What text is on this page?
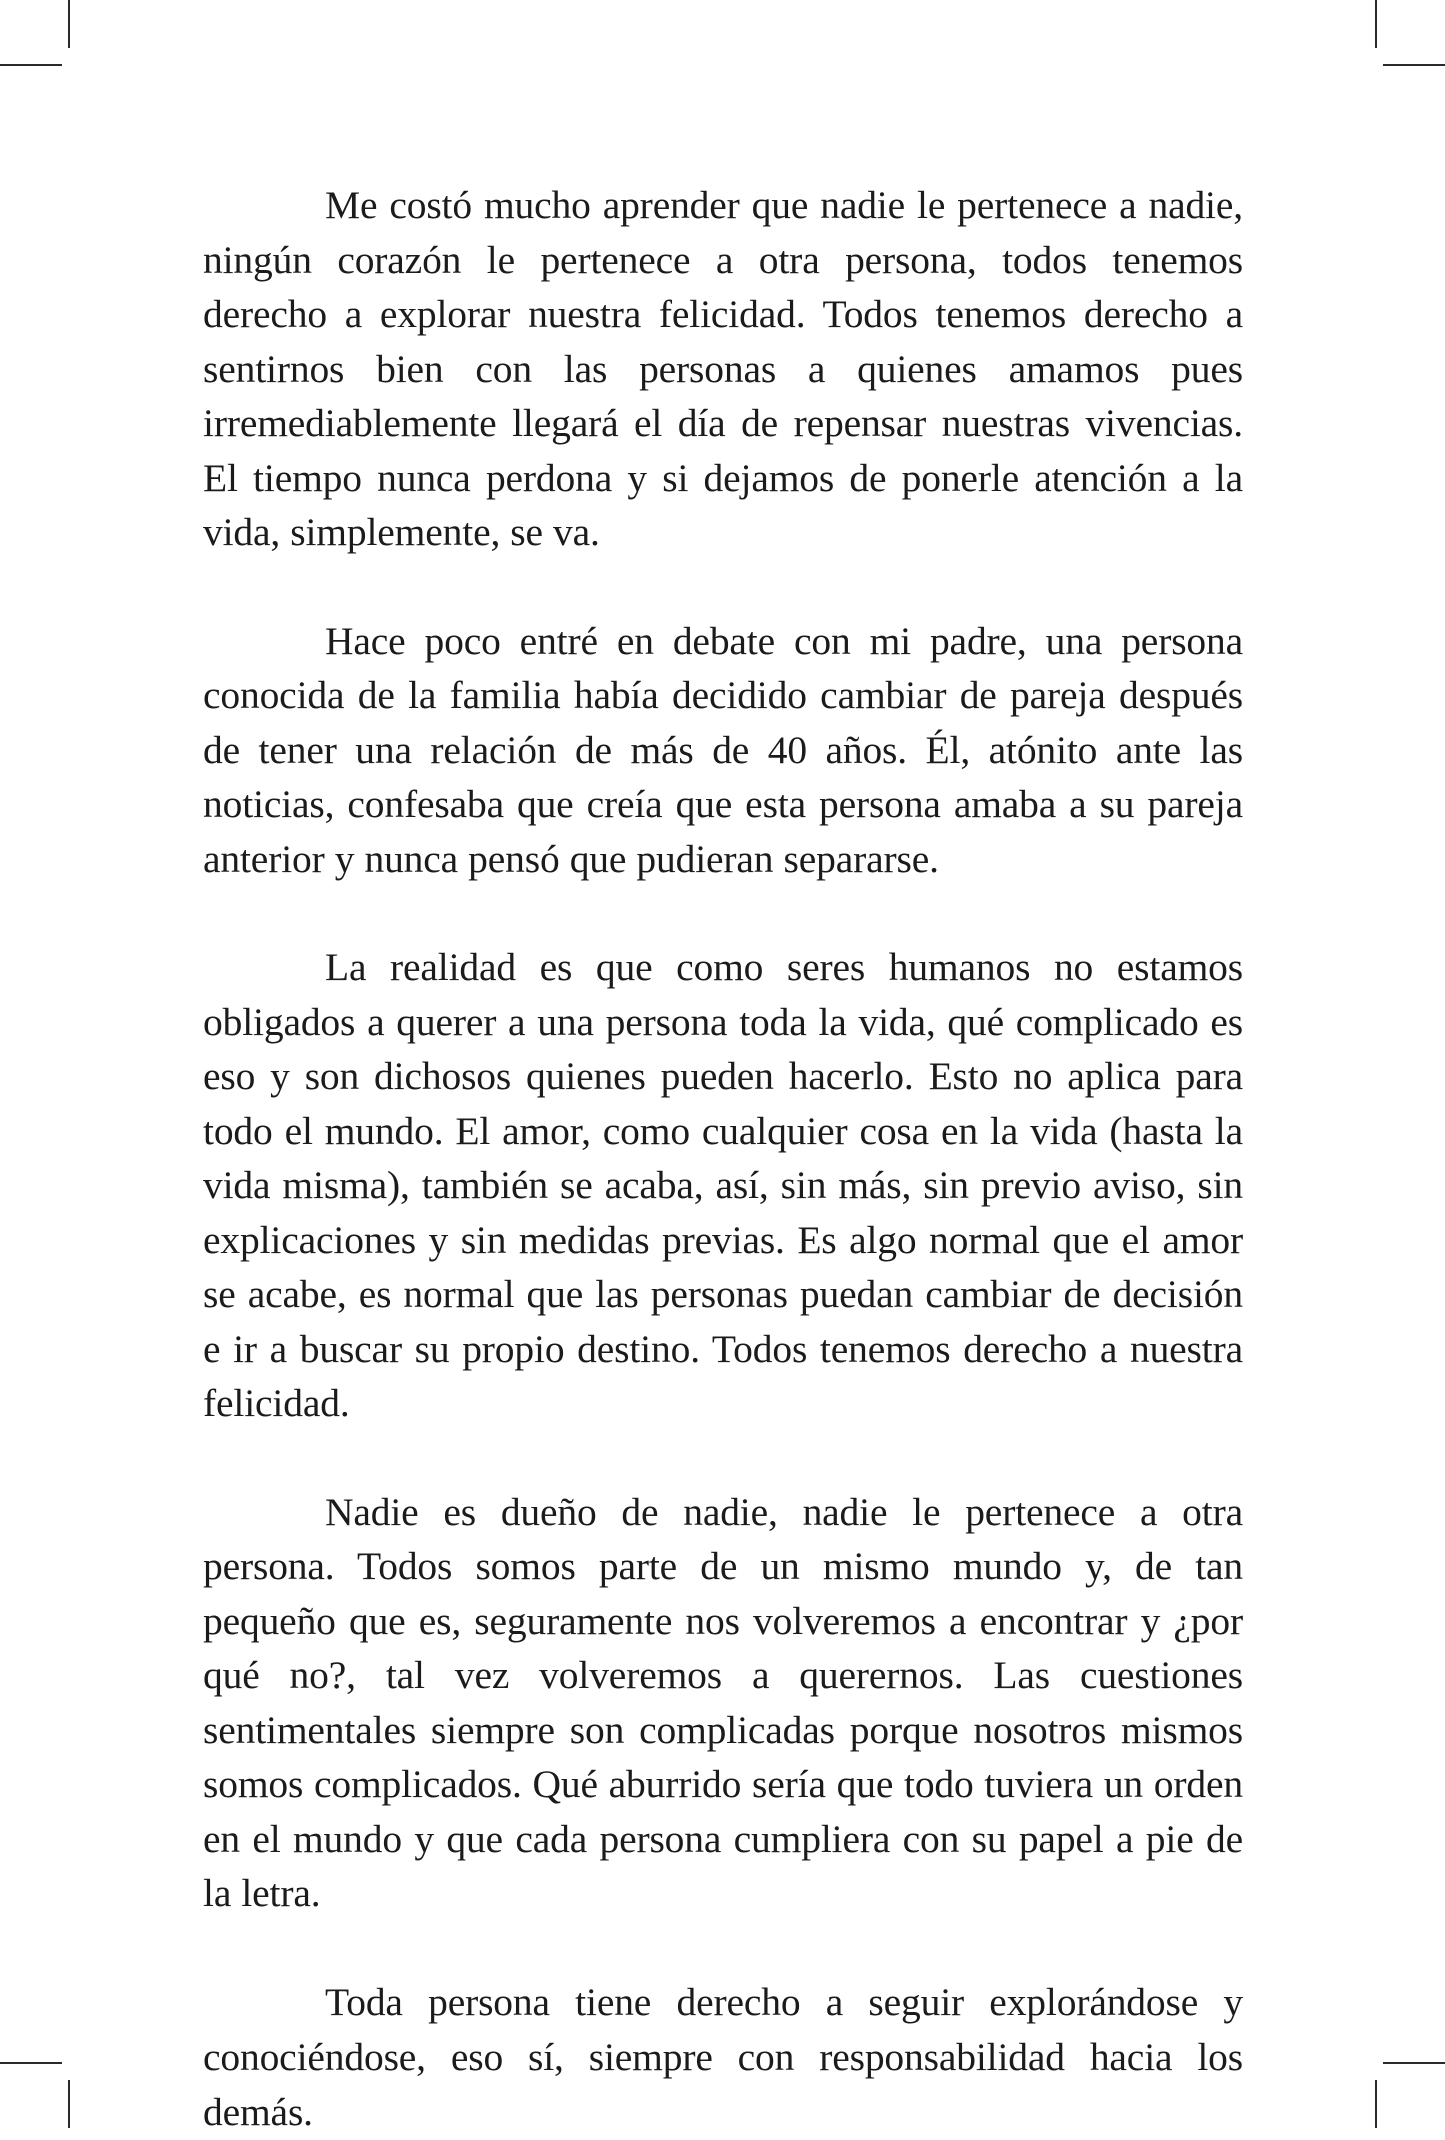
Me costó mucho aprender que nadie le pertenece a nadie, ningún corazón le pertenece a otra persona, todos tenemos derecho a explorar nuestra felicidad. Todos tenemos derecho a sentirnos bien con las personas a quienes amamos pues irremediablemente llegará el día de repensar nuestras vivencias. El tiempo nunca perdona y si dejamos de ponerle atención a la vida, simplemente, se va.

Hace poco entré en debate con mi padre, una persona conocida de la familia había decidido cambiar de pareja después de tener una relación de más de 40 años. Él, atónito ante las noticias, confesaba que creía que esta persona amaba a su pareja anterior y nunca pensó que pudieran separarse.

La realidad es que como seres humanos no estamos obligados a querer a una persona toda la vida, qué complicado es eso y son dichosos quienes pueden hacerlo. Esto no aplica para todo el mundo. El amor, como cualquier cosa en la vida (hasta la vida misma), también se acaba, así, sin más, sin previo aviso, sin explicaciones y sin medidas previas. Es algo normal que el amor se acabe, es normal que las personas puedan cambiar de decisión e ir a buscar su propio destino. Todos tenemos derecho a nuestra felicidad.

Nadie es dueño de nadie, nadie le pertenece a otra persona. Todos somos parte de un mismo mundo y, de tan pequeño que es, seguramente nos volveremos a encontrar y ¿por qué no?, tal vez volveremos a querernos. Las cuestiones sentimentales siempre son complicadas porque nosotros mismos somos complicados. Qué aburrido sería que todo tuviera un orden en el mundo y que cada persona cumpliera con su papel a pie de la letra.

Toda persona tiene derecho a seguir explorándose y conociéndose, eso sí, siempre con responsabilidad hacia los demás.
